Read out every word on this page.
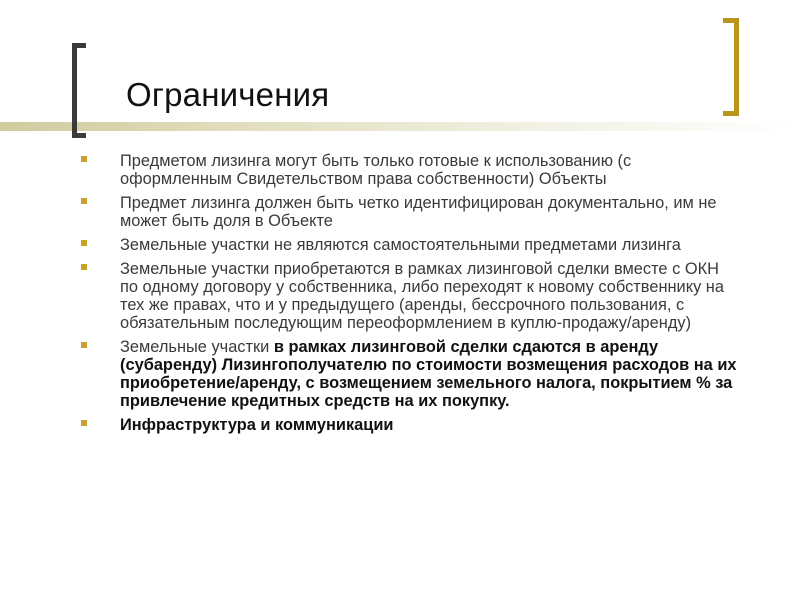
Ограничения
Предметом лизинга могут быть только готовые к использованию (с оформленным Свидетельством права собственности) Объекты
Предмет лизинга должен быть четко идентифицирован документально, им не может быть доля в Объекте
Земельные участки не являются самостоятельными предметами лизинга
Земельные участки приобретаются в рамках лизинговой сделки вместе с ОКН по одному договору у собственника, либо переходят к новому собственнику на тех же правах, что и у предыдущего (аренды, бессрочного пользования, с обязательным последующим переоформлением в куплю-продажу/аренду)
Земельные участки в рамках лизинговой сделки сдаются в аренду (субаренду) Лизингополучателю по стоимости возмещения расходов на их приобретение/аренду, с возмещением земельного налога, покрытием % за привлечение кредитных средств на их покупку.
Инфраструктура и коммуникации
